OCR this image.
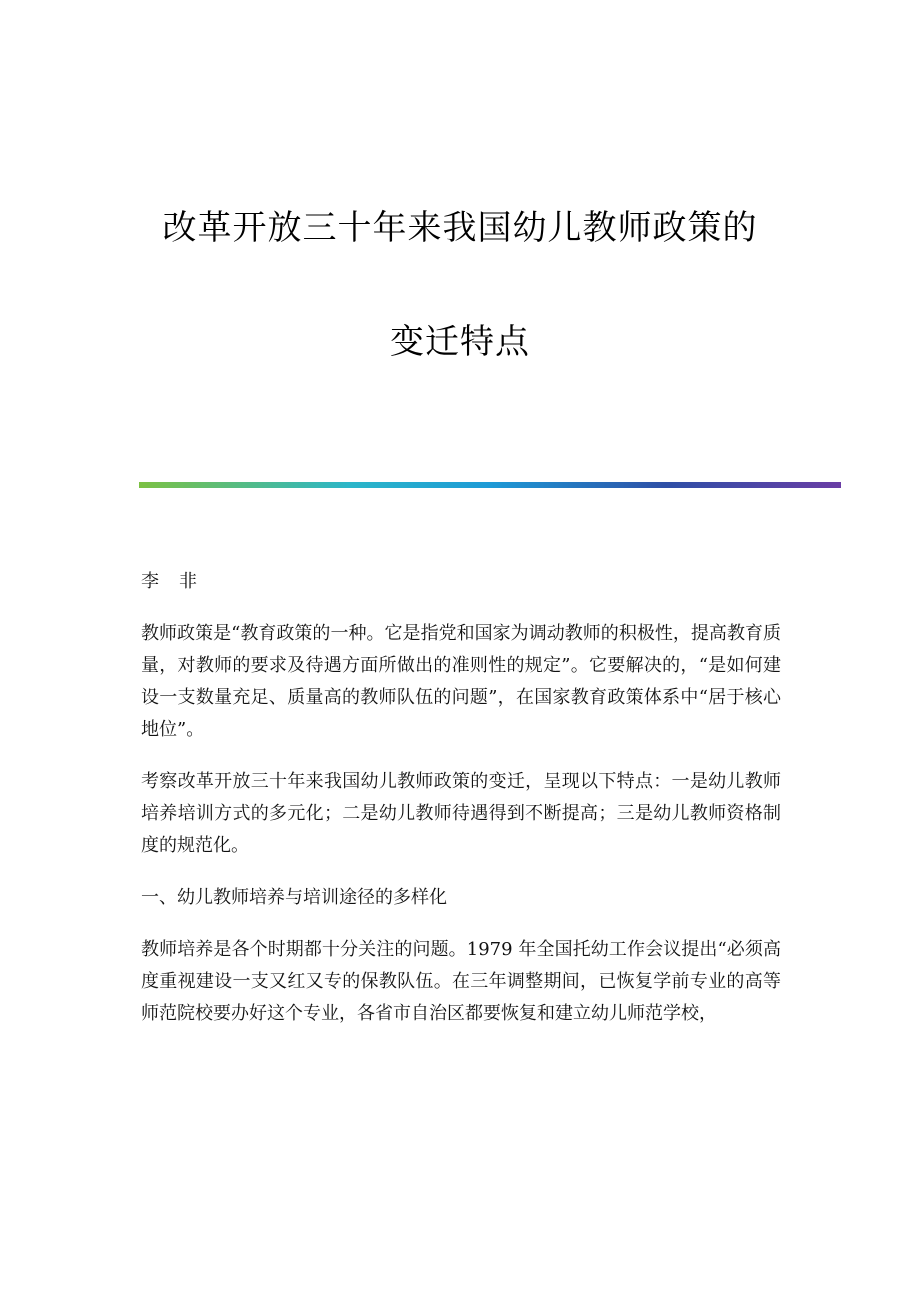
改革开放三十年来我国幼儿教师政策的
变迁特点

李　非

教师政策是“教育政策的一种。它是指党和国家为调动教师的积极性，提高教育质量，对教师的要求及待遇方面所做出的准则性的规定”。它要解决的，“是如何建设一支数量充足、质量高的教师队伍的问题”，在国家教育政策体系中“居于核心地位”。

考察改革开放三十年来我国幼儿教师政策的变迁，呈现以下特点：一是幼儿教师培养培训方式的多元化；二是幼儿教师待遇得到不断提高；三是幼儿教师资格制度的规范化。

一、幼儿教师培养与培训途径的多样化

教师培养是各个时期都十分关注的问题。1979 年全国托幼工作会议提出“必须高度重视建设一支又红又专的保教队伍。在三年调整期间，已恢复学前专业的高等师范院校要办好这个专业，各省市自治区都要恢复和建立幼儿师范学校，
